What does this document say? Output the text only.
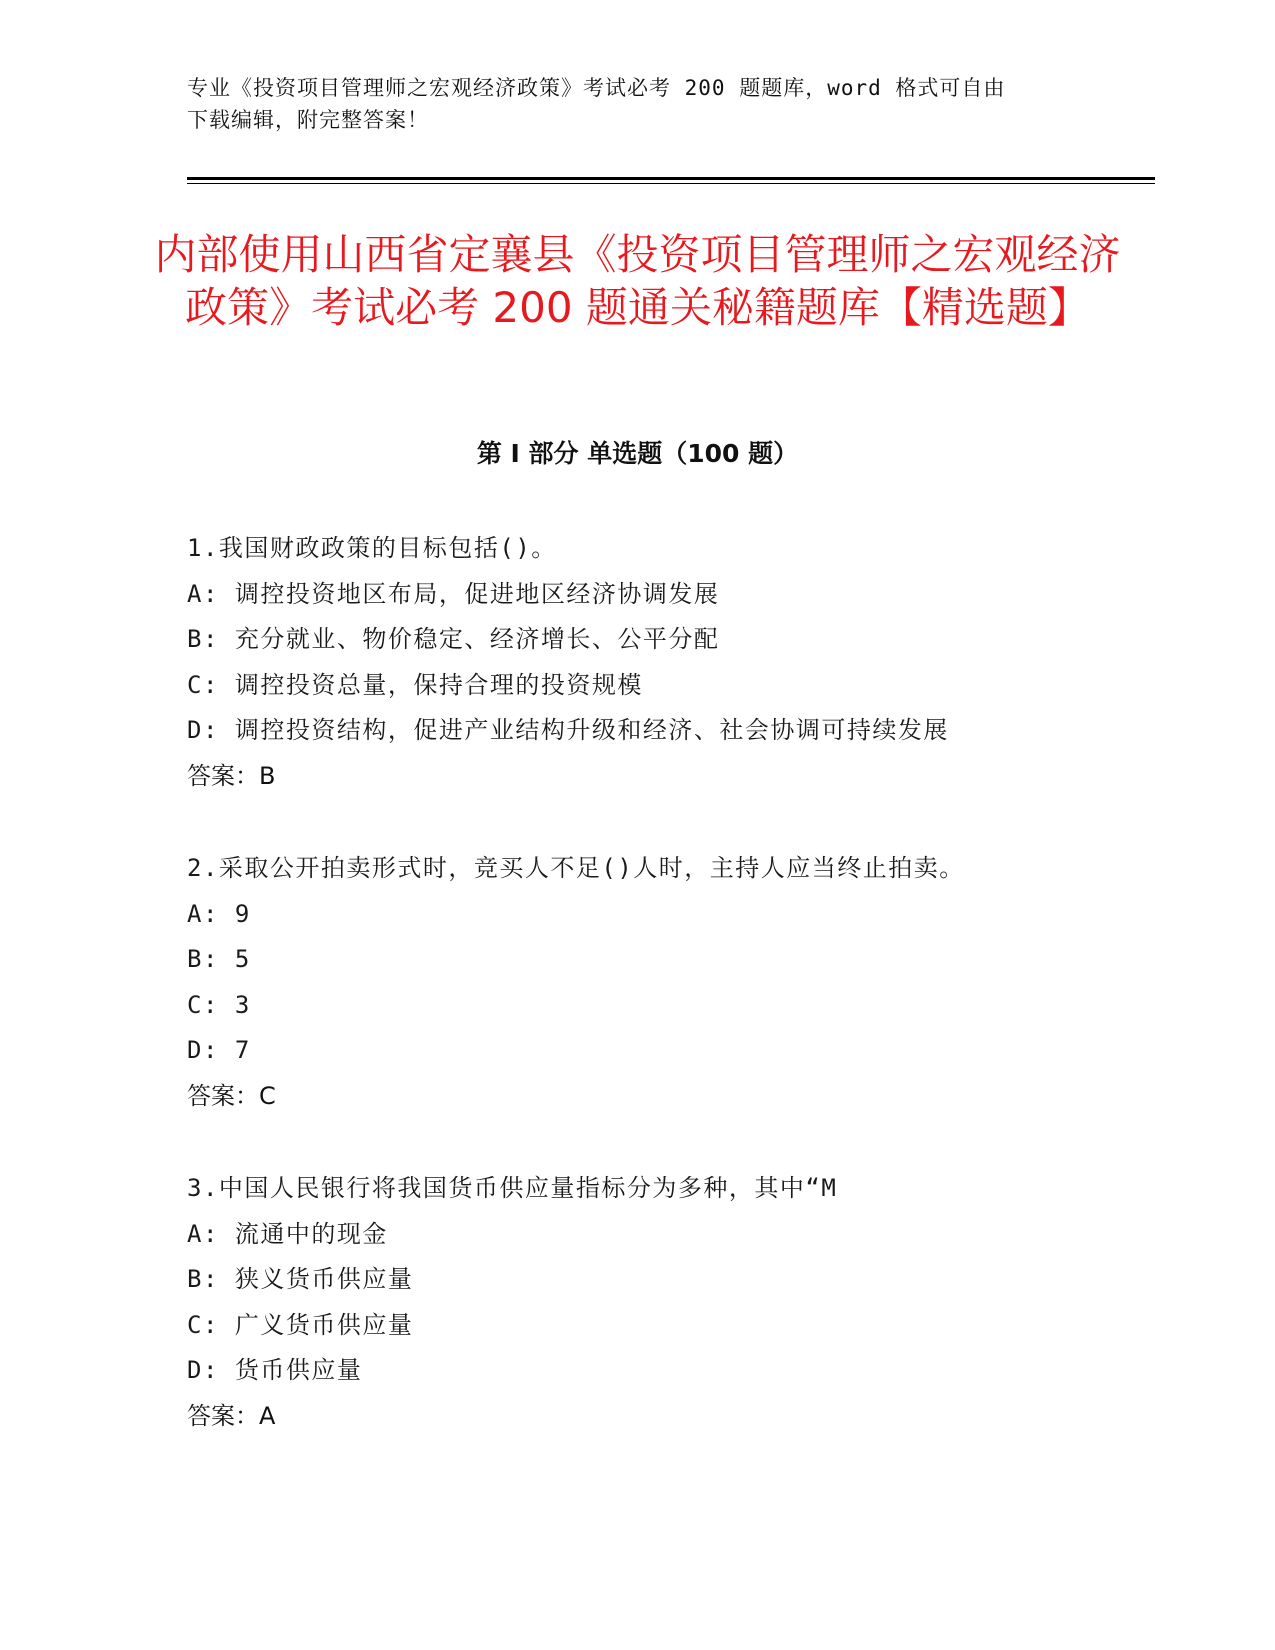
专业《投资项目管理师之宏观经济政策》考试必考 200 题题库，word 格式可自由
下载编辑，附完整答案！
内部使用山西省定襄县《投资项目管理师之宏观经济政策》考试必考 200 题通关秘籍题库【精选题】
第 I 部分 单选题（100 题）
1.我国财政政策的目标包括()。
A: 调控投资地区布局，促进地区经济协调发展
B: 充分就业、物价稳定、经济增长、公平分配
C: 调控投资总量，保持合理的投资规模
D: 调控投资结构，促进产业结构升级和经济、社会协调可持续发展
答案：B
2.采取公开拍卖形式时，竞买人不足()人时，主持人应当终止拍卖。
A: 9
B: 5
C: 3
D: 7
答案：C
3.中国人民银行将我国货币供应量指标分为多种，其中“M
A: 流通中的现金
B: 狭义货币供应量
C: 广义货币供应量
D: 货币供应量
答案：A
